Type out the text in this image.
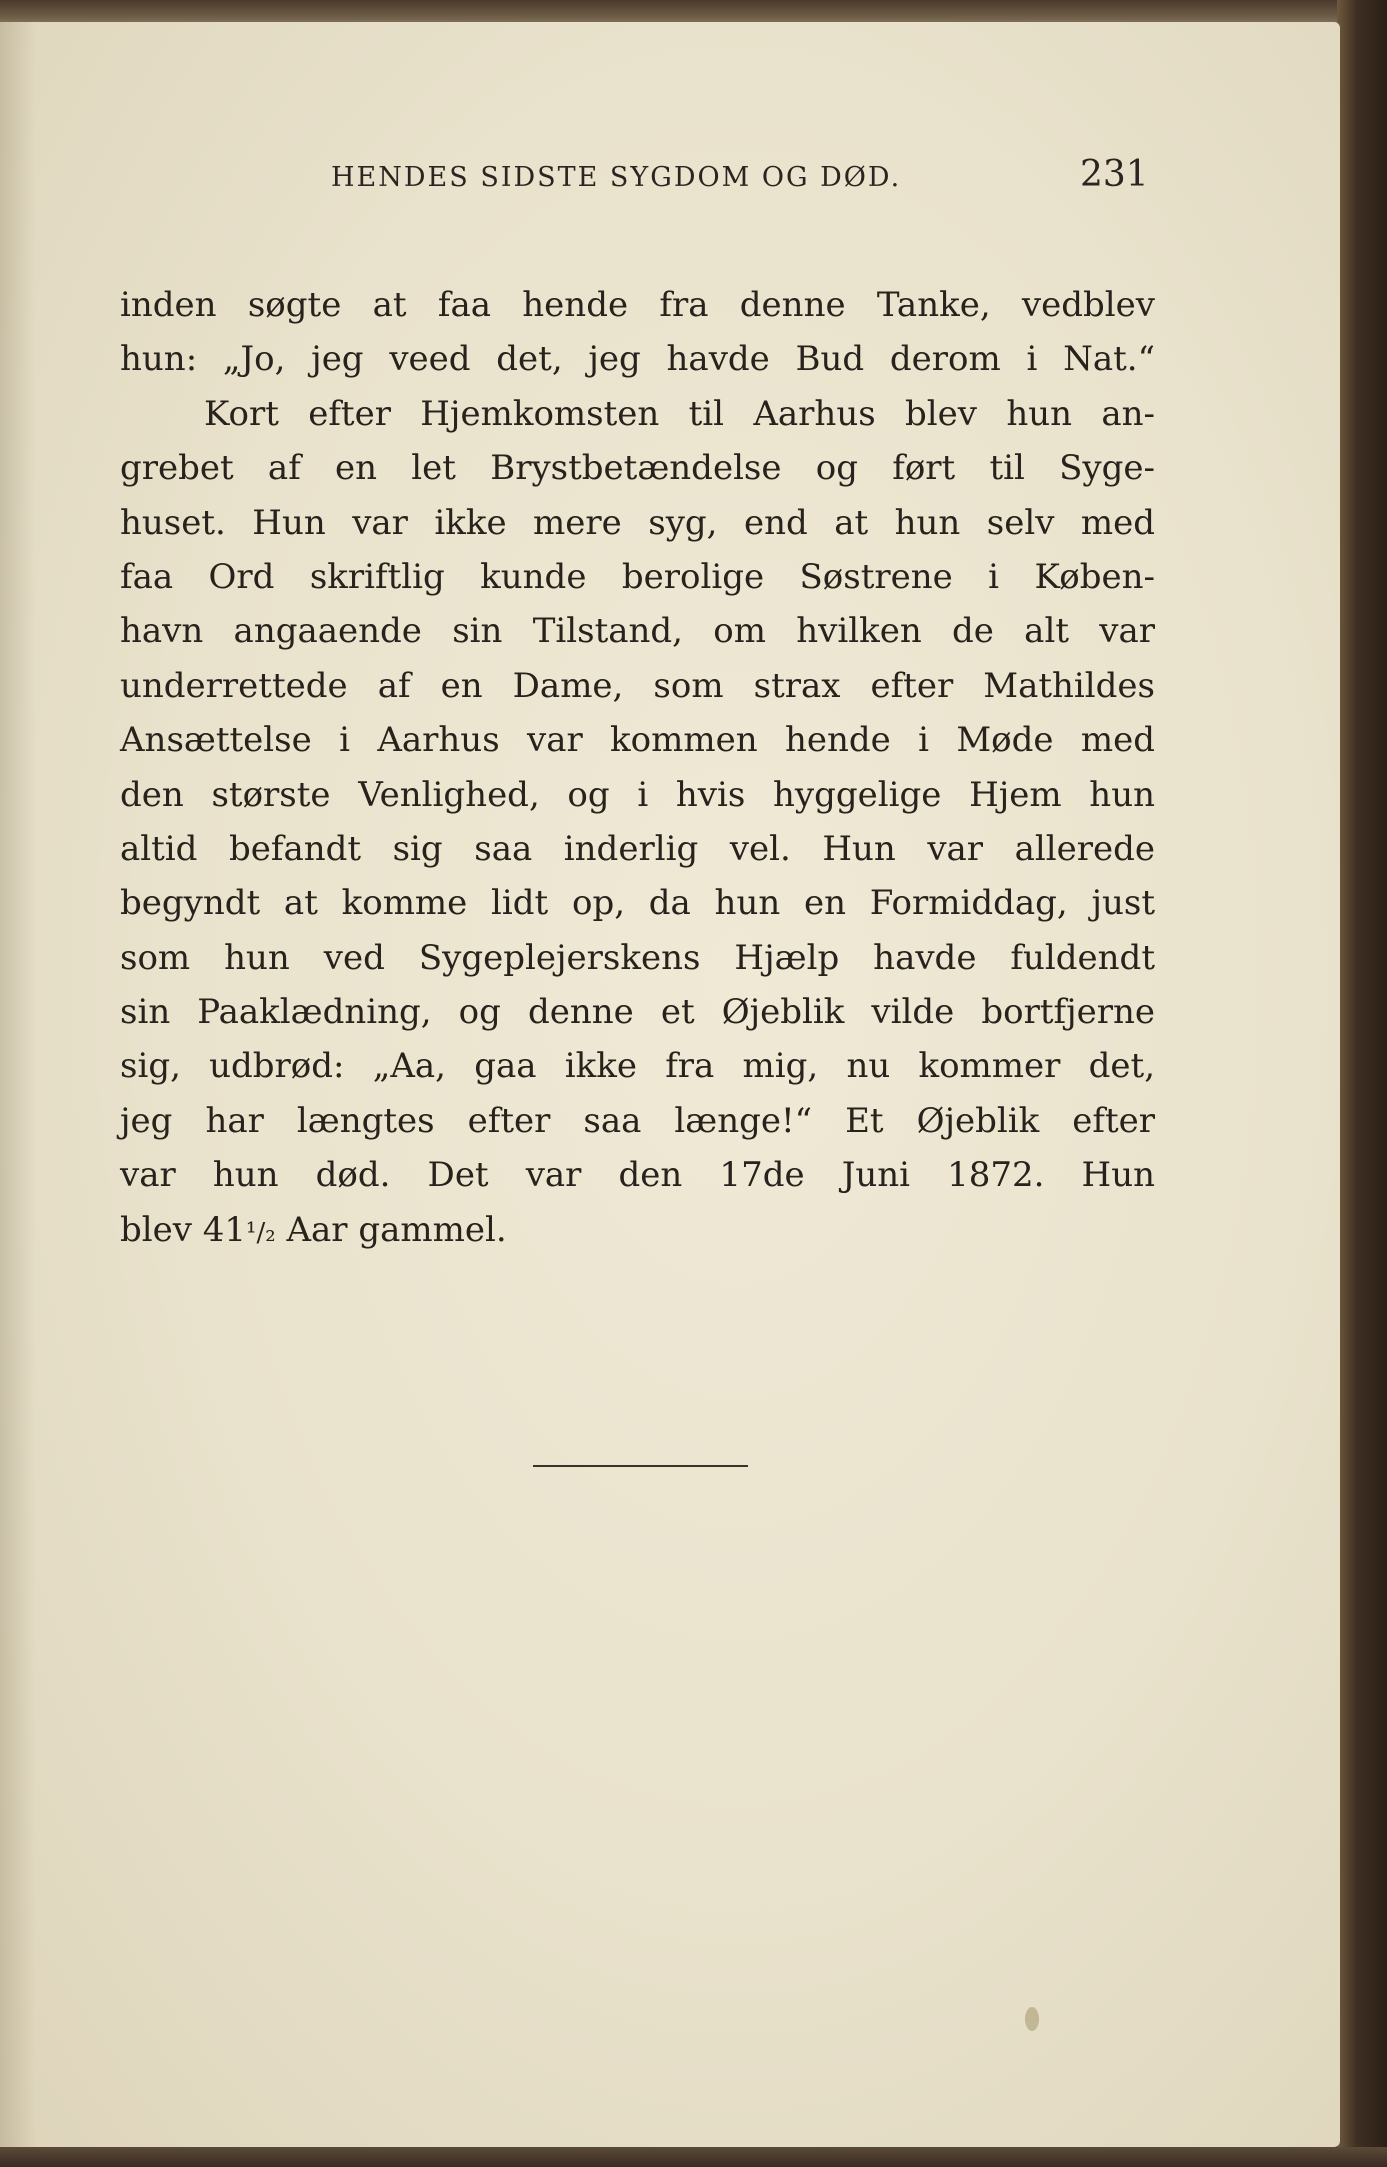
HENDES SIDSTE SYGDOM OG DØD.	231
inden søgte at faa hende fra denne Tanke, vedblev
hun: „Jo, jeg veed det, jeg havde Bud derom i Nat.“
Kort efter Hjemkomsten til Aarhus blev hun an-
grebet af en let Brystbetændelse og ført til Syge-
huset. Hun var ikke mere syg, end at hun selv med
faa Ord skriftlig kunde berolige Søstrene i Køben-
havn angaaende sin Tilstand, om hvilken de alt var
underrettede af en Dame, som strax efter Mathildes
Ansættelse i Aarhus var kommen hende i Møde med
den største Venlighed, og i hvis hyggelige Hjem hun
altid befandt sig saa inderlig vel. Hun var allerede
begyndt at komme lidt op, da hun en Formiddag, just
som hun ved Sygeplejerskens Hjælp havde fuldendt
sin Paaklædning, og denne et Øjeblik vilde bortfjerne
sig, udbrød: „Aa, gaa ikke fra mig, nu kommer det,
jeg har længtes efter saa længe!“ Et Øjeblik efter
var hun død. Det var den 17de Juni 1872. Hun
blev 41¹/₂ Aar gammel.
